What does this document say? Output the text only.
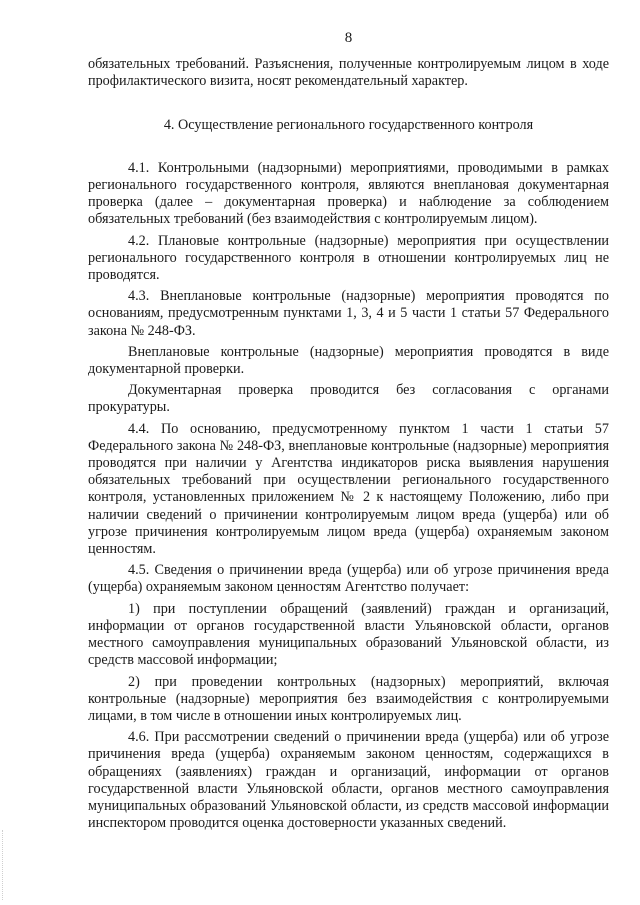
8

обязательных требований. Разъяснения, полученные контролируемым лицом в ходе профилактического визита, носят рекомендательный характер.

4. Осуществление регионального государственного контроля

4.1. Контрольными (надзорными) мероприятиями, проводимыми в рамках регионального государственного контроля, являются внеплановая документарная проверка (далее – документарная проверка) и наблюдение за соблюдением обязательных требований (без взаимодействия с контролируемым лицом).

4.2. Плановые контрольные (надзорные) мероприятия при осуществлении регионального государственного контроля в отношении контролируемых лиц не проводятся.

4.3. Внеплановые контрольные (надзорные) мероприятия проводятся по основаниям, предусмотренным пунктами 1, 3, 4 и 5 части 1 статьи 57 Федерального закона № 248-ФЗ.

Внеплановые контрольные (надзорные) мероприятия проводятся в виде документарной проверки.

Документарная проверка проводится без согласования с органами прокуратуры.

4.4. По основанию, предусмотренному пунктом 1 части 1 статьи 57 Федерального закона № 248-ФЗ, внеплановые контрольные (надзорные) мероприятия проводятся при наличии у Агентства индикаторов риска выявления нарушения обязательных требований при осуществлении регионального государственного контроля, установленных приложением № 2 к настоящему Положению, либо при наличии сведений о причинении контролируемым лицом вреда (ущерба) или об угрозе причинения контролируемым лицом вреда (ущерба) охраняемым законом ценностям.

4.5. Сведения о причинении вреда (ущерба) или об угрозе причинения вреда (ущерба) охраняемым законом ценностям Агентство получает:

1) при поступлении обращений (заявлений) граждан и организаций, информации от органов государственной власти Ульяновской области, органов местного самоуправления муниципальных образований Ульяновской области, из средств массовой информации;

2) при проведении контрольных (надзорных) мероприятий, включая контрольные (надзорные) мероприятия без взаимодействия с контролируемыми лицами, в том числе в отношении иных контролируемых лиц.

4.6. При рассмотрении сведений о причинении вреда (ущерба) или об угрозе причинения вреда (ущерба) охраняемым законом ценностям, содержащихся в обращениях (заявлениях) граждан и организаций, информации от органов государственной власти Ульяновской области, органов местного самоуправления муниципальных образований Ульяновской области, из средств массовой информации инспектором проводится оценка достоверности указанных сведений.
